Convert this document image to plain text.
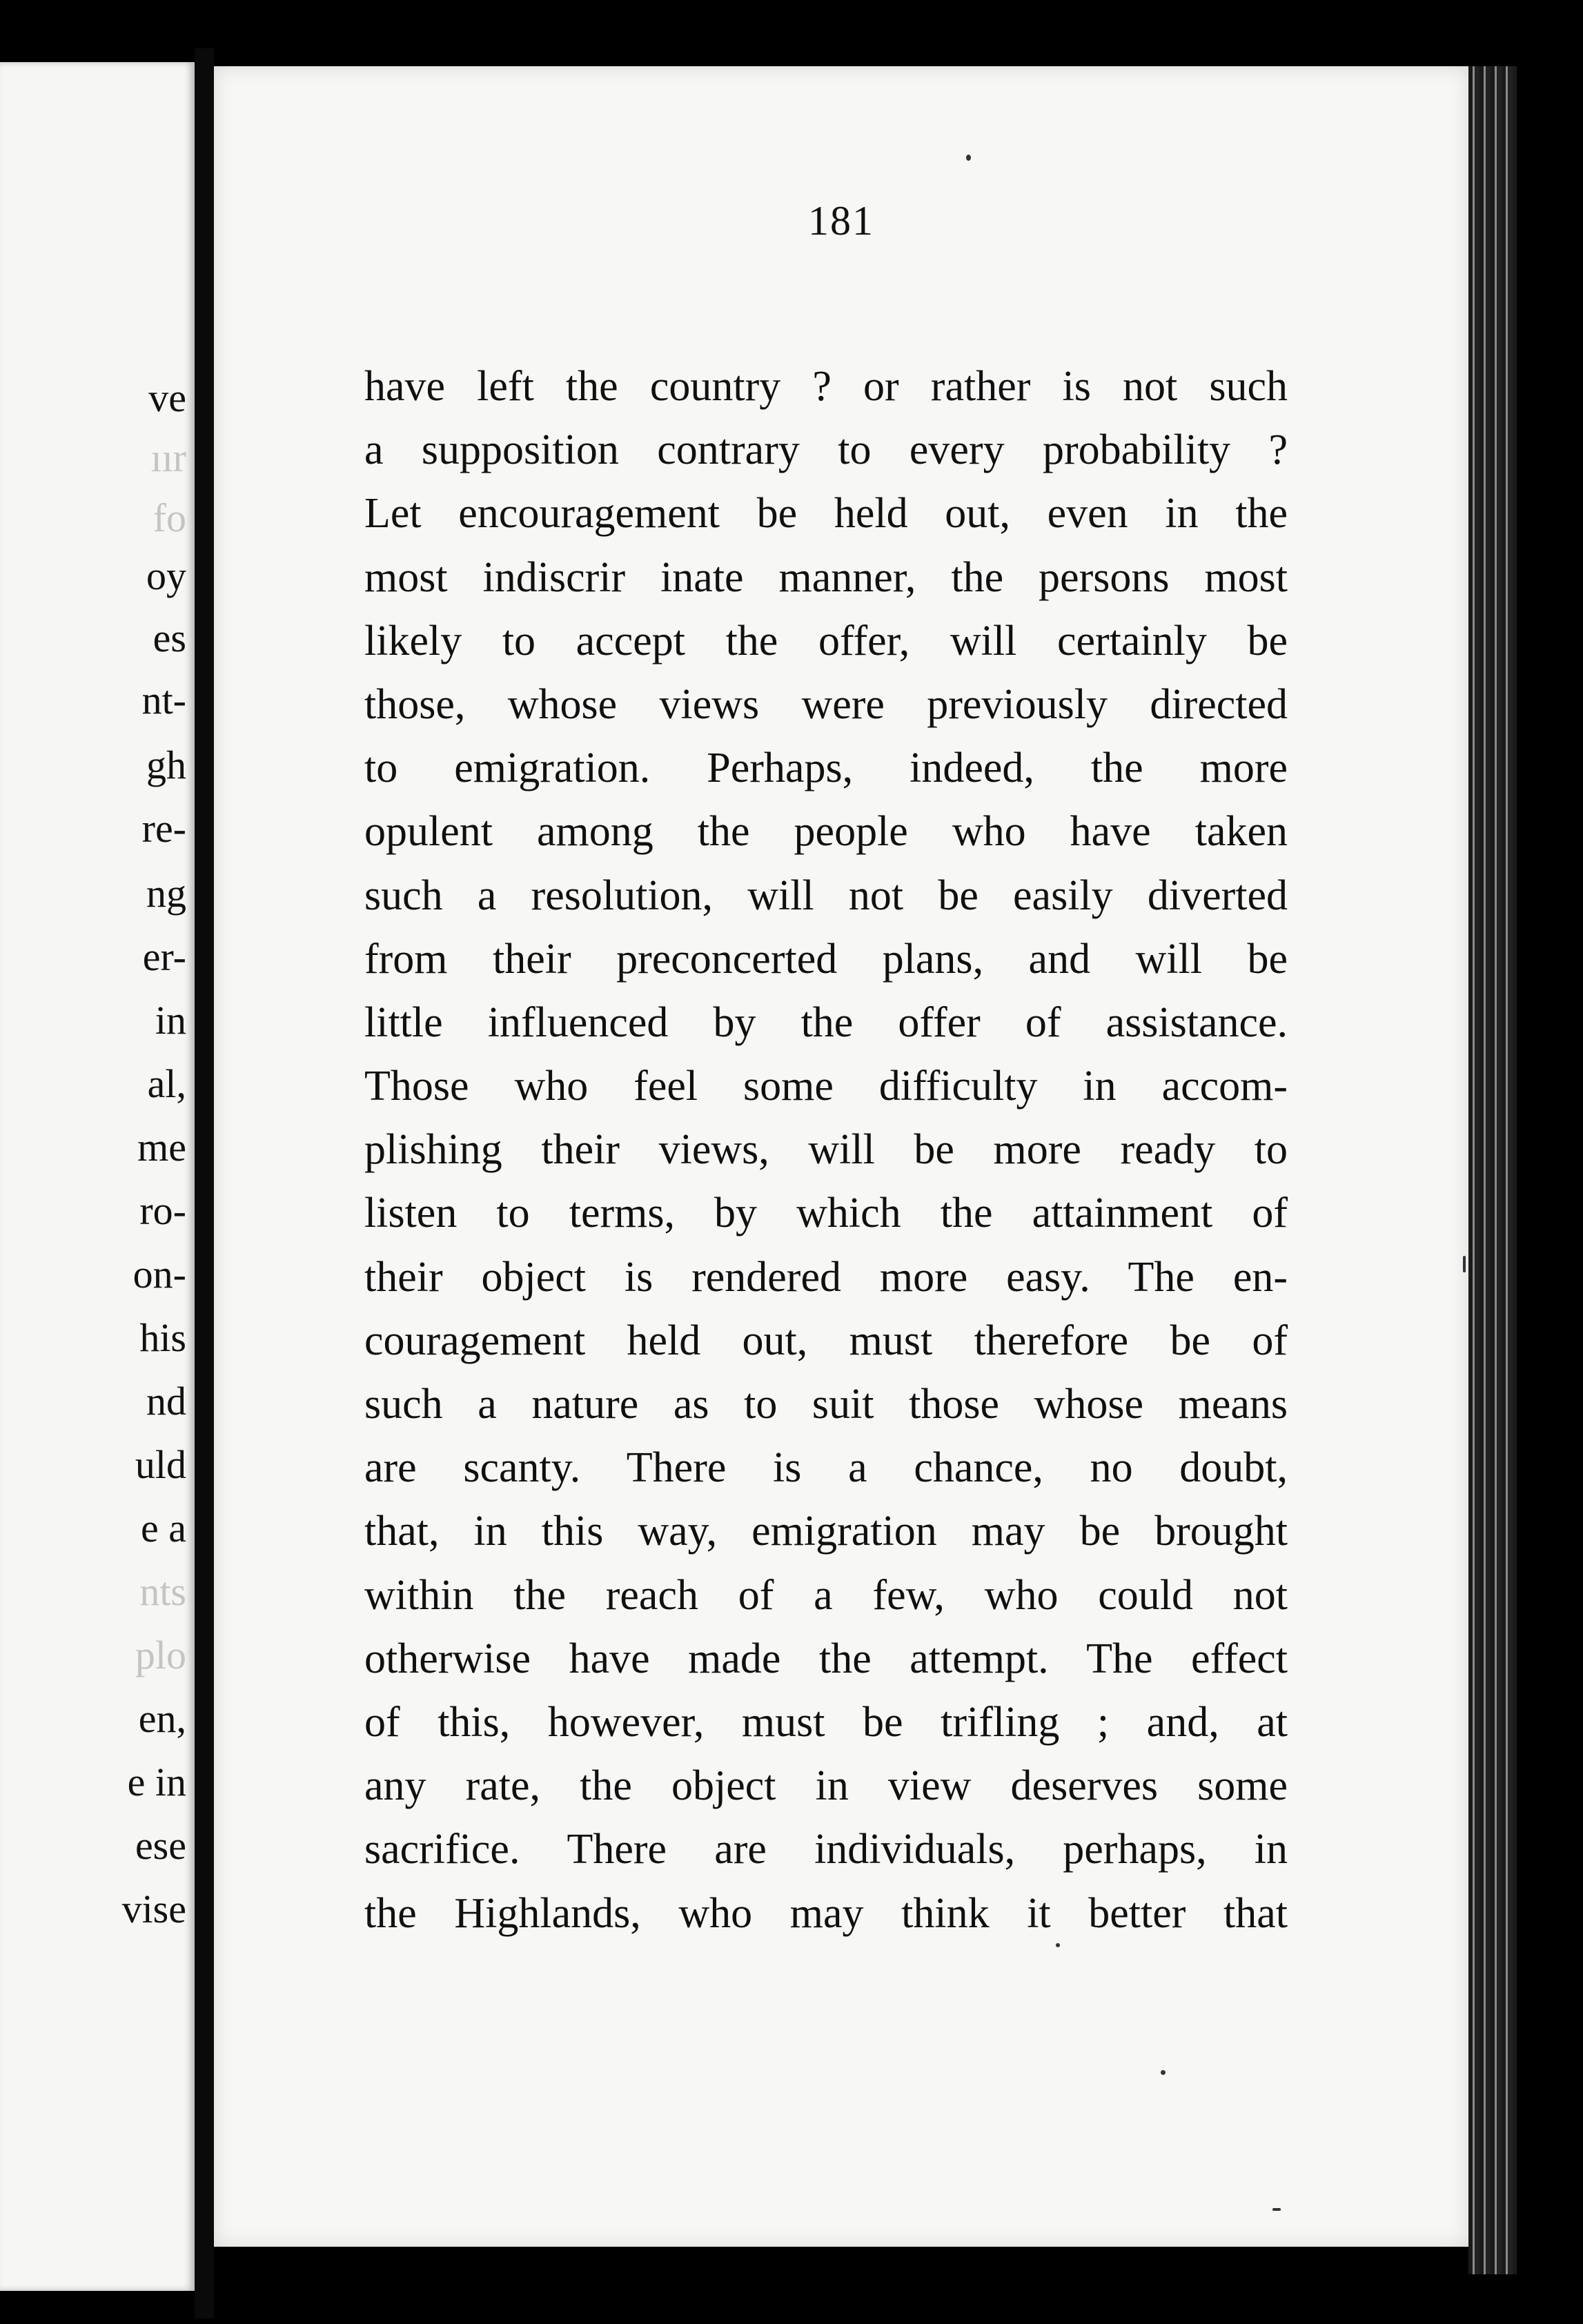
ve
ıır
fo
oy
es
nt-
gh
re-
ng
er-
in
al,
me
ro-
on-
his
nd
uld
e a
nts
plo
en,
e in
ese
vise
181
have left the country ? or rather is not such
a supposition contrary to every probability ?
Let encouragement be held out, even in the
most indiscrir inate manner, the persons most
likely to accept the offer, will certainly be
those, whose views were previously directed
to emigration. Perhaps, indeed, the more
opulent among the people who have taken
such a resolution, will not be easily diverted
from their preconcerted plans, and will be
little influenced by the offer of assistance.
Those who feel some difficulty in accom-
plishing their views, will be more ready to
listen to terms, by which the attainment of
their object is rendered more easy. The en-
couragement held out, must therefore be of
such a nature as to suit those whose means
are scanty. There is a chance, no doubt,
that, in this way, emigration may be brought
within the reach of a few, who could not
otherwise have made the attempt. The effect
of this, however, must be trifling ; and, at
any rate, the object in view deserves some
sacrifice. There are individuals, perhaps, in
the Highlands, who may think it better that
